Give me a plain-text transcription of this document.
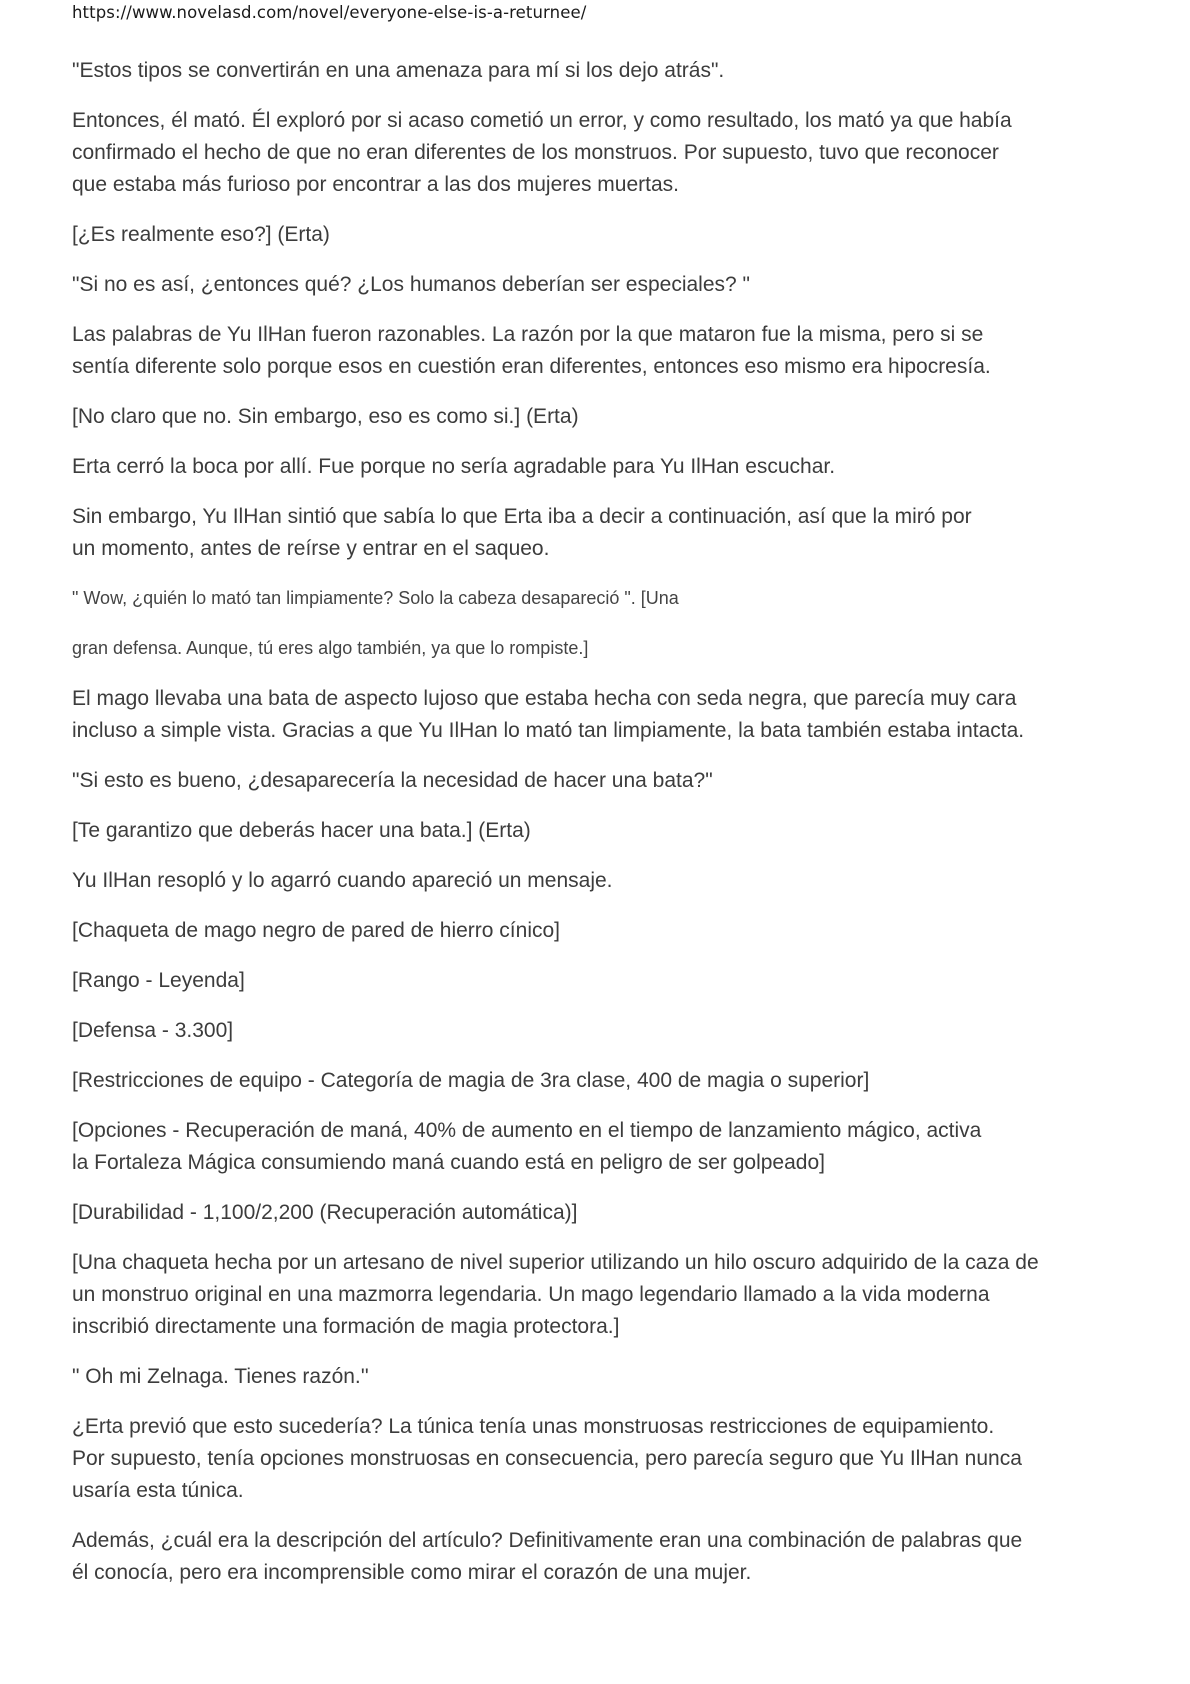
https://www.novelasd.com/novel/everyone-else-is-a-returnee/

"Estos tipos se convertirán en una amenaza para mí si los dejo atrás".

Entonces, él mató. Él exploró por si acaso cometió un error, y como resultado, los mató ya que había
confirmado el hecho de que no eran diferentes de los monstruos. Por supuesto, tuvo que reconocer
que estaba más furioso por encontrar a las dos mujeres muertas.

[¿Es realmente eso?] (Erta)

"Si no es así, ¿entonces qué? ¿Los humanos deberían ser especiales? "

Las palabras de Yu IlHan fueron razonables. La razón por la que mataron fue la misma, pero si se
sentía diferente solo porque esos en cuestión eran diferentes, entonces eso mismo era hipocresía.

[No claro que no. Sin embargo, eso es como si.] (Erta)

Erta cerró la boca por allí. Fue porque no sería agradable para Yu IlHan escuchar.

Sin embargo, Yu IlHan sintió que sabía lo que Erta iba a decir a continuación, así que la miró por
un momento, antes de reírse y entrar en el saqueo.

" Wow, ¿quién lo mató tan limpiamente? Solo la cabeza desapareció ". [Una

gran defensa. Aunque, tú eres algo también, ya que lo rompiste.]

El mago llevaba una bata de aspecto lujoso que estaba hecha con seda negra, que parecía muy cara
incluso a simple vista. Gracias a que Yu IlHan lo mató tan limpiamente, la bata también estaba intacta.

"Si esto es bueno, ¿desaparecería la necesidad de hacer una bata?"

[Te garantizo que deberás hacer una bata.] (Erta)

Yu IlHan resopló y lo agarró cuando apareció un mensaje.

[Chaqueta de mago negro de pared de hierro cínico]

[Rango - Leyenda]

[Defensa - 3.300]

[Restricciones de equipo - Categoría de magia de 3ra clase, 400 de magia o superior]

[Opciones - Recuperación de maná, 40% de aumento en el tiempo de lanzamiento mágico, activa
la Fortaleza Mágica consumiendo maná cuando está en peligro de ser golpeado]

[Durabilidad - 1,100/2,200 (Recuperación automática)]

[Una chaqueta hecha por un artesano de nivel superior utilizando un hilo oscuro adquirido de la caza de
un monstruo original en una mazmorra legendaria. Un mago legendario llamado a la vida moderna
inscribió directamente una formación de magia protectora.]

" Oh mi Zelnaga. Tienes razón.''

¿Erta previó que esto sucedería? La túnica tenía unas monstruosas restricciones de equipamiento.
Por supuesto, tenía opciones monstruosas en consecuencia, pero parecía seguro que Yu IlHan nunca
usaría esta túnica.

Además, ¿cuál era la descripción del artículo? Definitivamente eran una combinación de palabras que
él conocía, pero era incomprensible como mirar el corazón de una mujer.
